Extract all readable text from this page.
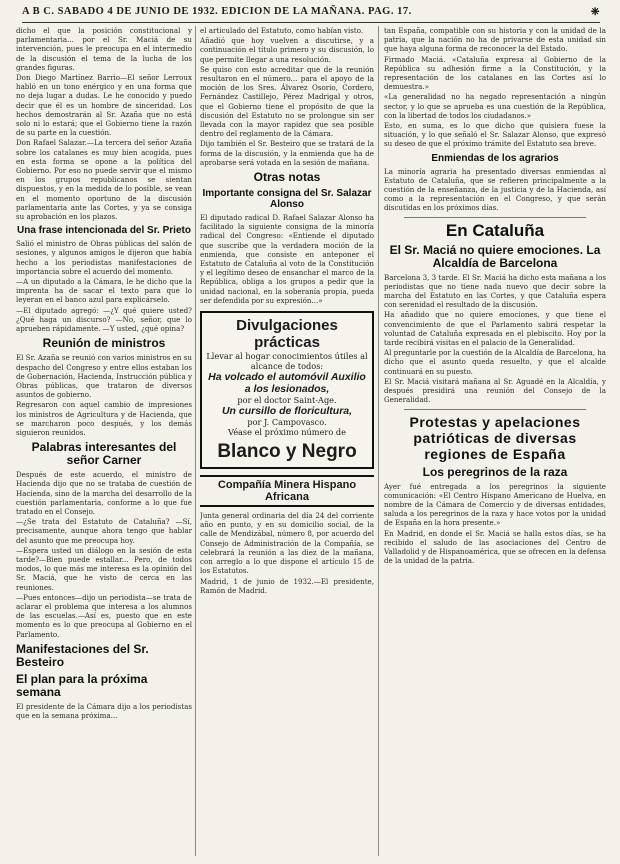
A B C. SABADO 4 DE JUNIO DE 1932. EDICION DE LA MAÑANA. PAG. 17.	❈

dicho el que la posición constitucional y parlamentaria... por el Sr. Maciá de su intervención, pues le preocupa en el intermedio de la discusión el tema de la lucha de los grandes figuras.

Don Diego Martínez Barrio—El señor Lerroux habló en un tono enérgico y en una forma que no deja lugar a dudas. Le he conocido y puedo decir que él es un hombre de sinceridad. Los hechos demostrarán al Sr. Azaña que no está solo ni lo estará; que el Gobierno tiene la razón de su parte en la cuestión.

Don Rafael Salazar.—La tercera del señor Azaña sobre los catalanes es muy bien acogida, pues en esta forma se opone a la política del Gobierno. Por eso no puede servir que el mismo en los grupos republicanos se sientan dispuestos, y en la medida de lo posible, se vean en el momento oportuno de la discusión parlamentaria ante las Cortes, y ya se consiga su aprobación en los plazos.

Una frase intencionada del Sr. Prieto

Salió el ministro de Obras públicas del salón de sesiones, y algunos amigos le dijeron que había hecho a los periodistas manifestaciones de importancia sobre el acuerdo del momento.

—A un diputado a la Cámara, le he dicho que la imprenta ha de sacar el texto para que lo leyeran en el banco azul para explicárselo.

—El diputado agregó: —¿Y qué quiere usted? ¿Qué haga un discurso? —No, señor, que lo aprueben rápidamente. —Y usted, ¿qué opina?

Reunión de ministros

El Sr. Azaña se reunió con varios ministros en su despacho del Congreso y entre ellos estaban los de Gobernación, Hacienda, Instrucción pública y Obras públicas, que trataron de diversos asuntos de gobierno.

Regresaron con aquel cambio de impresiones los ministros de Agricultura y de Hacienda, que se marcharon poco después, y los demás siguieron reunidos.

Palabras interesantes del señor Carner

Después de este acuerdo, el ministro de Hacienda dijo que no se trataba de cuestión de Hacienda, sino de la marcha del desarrollo de la cuestión parlamentaria, conforme a lo que fue tratado en el Consejo.

—¿Se trata del Estatuto de Cataluña? —Sí, precisamente, aunque ahora tengo que hablar del asunto que me preocupa hoy.

—Espera usted un diálogo en la sesión de esta tarde?—Bien puede estallar... Pero, de todos modos, lo que más me interesa es la opinión del Sr. Maciá, que he visto de cerca en las reuniones.

—Pues entonces—dijo un periodista—se trata de aclarar el problema que interesa a los alumnos de las escuelas.—Así es, puesto que en este momento es lo que preocupa al Gobierno en el Parlamento.

Manifestaciones del Sr. Besteiro
El plan para la próxima semana

El presidente de la Cámara dijo a los periodistas que en la semana próxima...

el articulado del Estatuto, como habían visto.

Añadió que hoy vuelven a discutirse, y a continuación el título primero y su discusión, lo que permite llegar a una resolución.

Se quiso con esto acreditar que de la reunión resultaron en el número... para el apoyo de la moción de los Sres. Álvarez Osorio, Cordero, Fernández Castillejo, Pérez Madrigal y otros, que el Gobierno tiene el propósito de que la discusión del Estatuto no se prolongue sin ser llevada con la mayor rapidez que sea posible dentro del reglamento de la Cámara.

Dijo también el Sr. Besteiro que se tratará de la forma de la discusión, y la enmienda que ha de aprobarse será votada en la sesión de mañana.

Otras notas
Importante consigna del Sr. Salazar Alonso

El diputado radical D. Rafael Salazar Alonso ha facilitado la siguiente consigna de la minoría radical del Congreso: «Entiende el diputado que suscribe que la verdadera moción de la enmienda, que consiste en anteponer el Estatuto de Cataluña al voto de la Constitución y el legítimo deseo de ensanchar el marco de la República, obliga a los grupos a pedir que la unidad nacional, en la soberanía propia, pueda ser defendida por su expresión...»

Divulgaciones prácticas
Llevar al hogar conocimientos útiles al alcance de todos:
Ha volcado el automóvil Auxilio a los lesionados,
por el doctor Saint-Age.
Un cursillo de floricultura,
por J. Campovasco.
Véase el próximo número de
Blanco y Negro
Compañía Minera Hispano Africana

Junta general ordinaria del día 24 del corriente año en punto, y en su domicilio social, de la calle de Mendizábal, número 8, por acuerdo del Consejo de Administración de la Compañía, se celebrará la reunión a las diez de la mañana, con arreglo a lo que dispone el artículo 15 de los Estatutos.

Madrid, 1 de junio de 1932.—El presidente, Ramón de Madrid.

tan España, compatible con su historia y con la unidad de la patria, que la nación no ha de privarse de esta unidad sin que haya alguna forma de reconocer la del Estado.

Firmado Maciá. «Cataluña expresa al Gobierno de la República su adhesión firme a la Constitución, y la representación de los catalanes en las Cortes así lo demuestra.»

«La generalidad no ha negado representación a ningún sector, y lo que se aprueba es una cuestión de la República, con la libertad de todos los ciudadanos.»

Esto, en suma, es lo que dicho que quisiera fuese la situación, y lo que señaló el Sr. Salazar Alonso, que expresó su deseo de que el próximo trámite del Estatuto sea breve.

Enmiendas de los agrarios

La minoría agraria ha presentado diversas enmiendas al Estatuto de Cataluña, que se refieren principalmente a la cuestión de la enseñanza, de la justicia y de la Hacienda, así como a la representación en el Congreso, y que serán discutidas en los próximos días.

En Cataluña
El Sr. Maciá no quiere emociones. La Alcaldía de Barcelona

Barcelona 3, 3 tarde. El Sr. Maciá ha dicho esta mañana a los periodistas que no tiene nada nuevo que decir sobre la marcha del Estatuto en las Cortes, y que Cataluña espera con serenidad el resultado de la discusión.

Ha añadido que no quiere emociones, y que tiene el convencimiento de que el Parlamento sabrá respetar la voluntad de Cataluña expresada en el plebiscito. Hoy por la tarde recibirá visitas en el palacio de la Generalidad.

Al preguntarle por la cuestión de la Alcaldía de Barcelona, ha dicho que el asunto queda resuelto, y que el alcalde continuará en su puesto.

El Sr. Maciá visitará mañana al Sr. Aguadé en la Alcaldía, y después presidirá una reunión del Consejo de la Generalidad.

Protestas y apelaciones patrióticas de diversas regiones de España
Los peregrinos de la raza

Ayer fué entregada a los peregrinos la siguiente comunicación: «El Centro Hispano Americano de Huelva, en nombre de la Cámara de Comercio y de diversas entidades, saluda a los peregrinos de la raza y hace votos por la unidad de España en la hora presente.»

En Madrid, en donde el Sr. Maciá se halla estos días, se ha recibido el saludo de las asociaciones del Centro de Valladolid y de Hispanoamérica, que se ofrecen en la defensa de la unidad de la patria.
